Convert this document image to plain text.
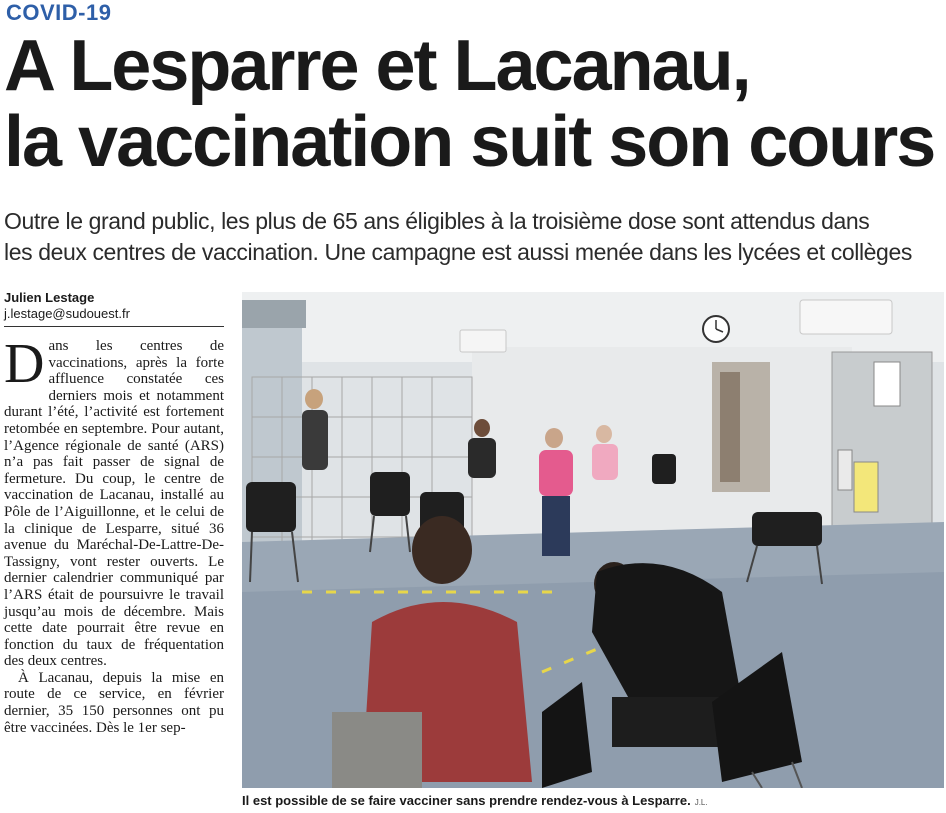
COVID-19
A Lesparre et Lacanau,
la vaccination suit son cours
Outre le grand public, les plus de 65 ans éligibles à la troisième dose sont attendus dans
les deux centres de vaccination. Une campagne est aussi menée dans les lycées et collèges
Julien Lestage
j.lestage@sudouest.fr

Dans les centres de vaccinations, après la forte affluence constatée ces derniers mois et notamment durant l’été, l’activité est fortement retombée en septembre. Pour autant, l’Agence régionale de santé (ARS) n’a pas fait passer de signal de fermeture. Du coup, le centre de vaccination de Lacanau, installé au Pôle de l’Aiguillonne, et le celui de la clinique de Lesparre, situé 36 avenue du Maréchal-De-Lattre-De-Tassigny, vont rester ouverts. Le dernier calendrier communiqué par l’ARS était de poursuivre le travail jusqu’au mois de décembre. Mais cette date pourrait être revue en fonction du taux de fréquentation des deux centres.

À Lacanau, depuis la mise en route de ce service, en février dernier, 35 150 personnes ont pu être vaccinées. Dès le 1er sep-

Il est possible de se faire vacciner sans prendre rendez-vous à Lesparre. J.L.
